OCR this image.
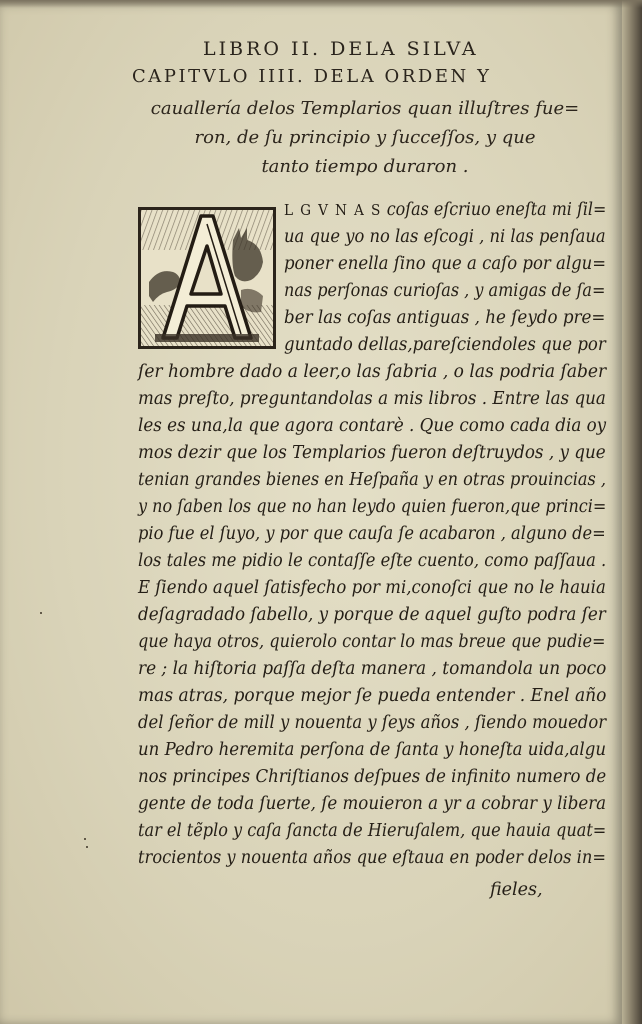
LIBRO II. DELA SILVA
CAPITVLO IIII. DELA ORDEN Y
cauallería delos Templarios quan illuſtres fue=
ron, de ſu principio y ſucceſſos, y que
tanto tiempo duraron .
L G V N A S coſas eſcriuo eneſta mi ſil=
ua que yo no las eſcogi , ni las penſaua
poner enella ſino que a caſo por algu=
nas perſonas curioſas , y amigas de ſa=
ber las coſas antiguas , he ſeydo pre=
guntado dellas,pareſciendoles que por
ſer hombre dado a leer,o las ſabria , o las podria ſaber
mas preſto, preguntandolas a mis libros . Entre las qua
les es una,la que agora contarè . Que como cada dia oy
mos dezir que los Templarios fueron deſtruydos , y que
tenian grandes bienes en Heſpaña y en otras prouincias ,
y no ſaben los que no han leydo quien fueron,que princi=
pio fue el ſuyo, y por que cauſa ſe acabaron , alguno de=
los tales me pidio le contaſſe eſte cuento, como paſſaua .
E ſiendo aquel ſatisfecho por mi,conoſci que no le hauia
deſagradado ſabello, y porque de aquel guſto podra ſer
que haya otros, quierolo contar lo mas breue que pudie=
re ; la hiſtoria paſſa deſta manera , tomandola un poco
mas atras, porque mejor ſe pueda entender . Enel año
del ſeñor de mill y nouenta y ſeys años , ſiendo mouedor
un Pedro heremita perſona de ſanta y honeſta uida,algu
nos principes Chriſtianos deſpues de infinito numero de
gente de toda ſuerte, ſe mouieron a yr a cobrar y libera
tar el tẽplo y caſa ſancta de Hieruſalem, que hauia quat=
trocientos y nouenta años que eſtaua en poder delos in=
fieles,
